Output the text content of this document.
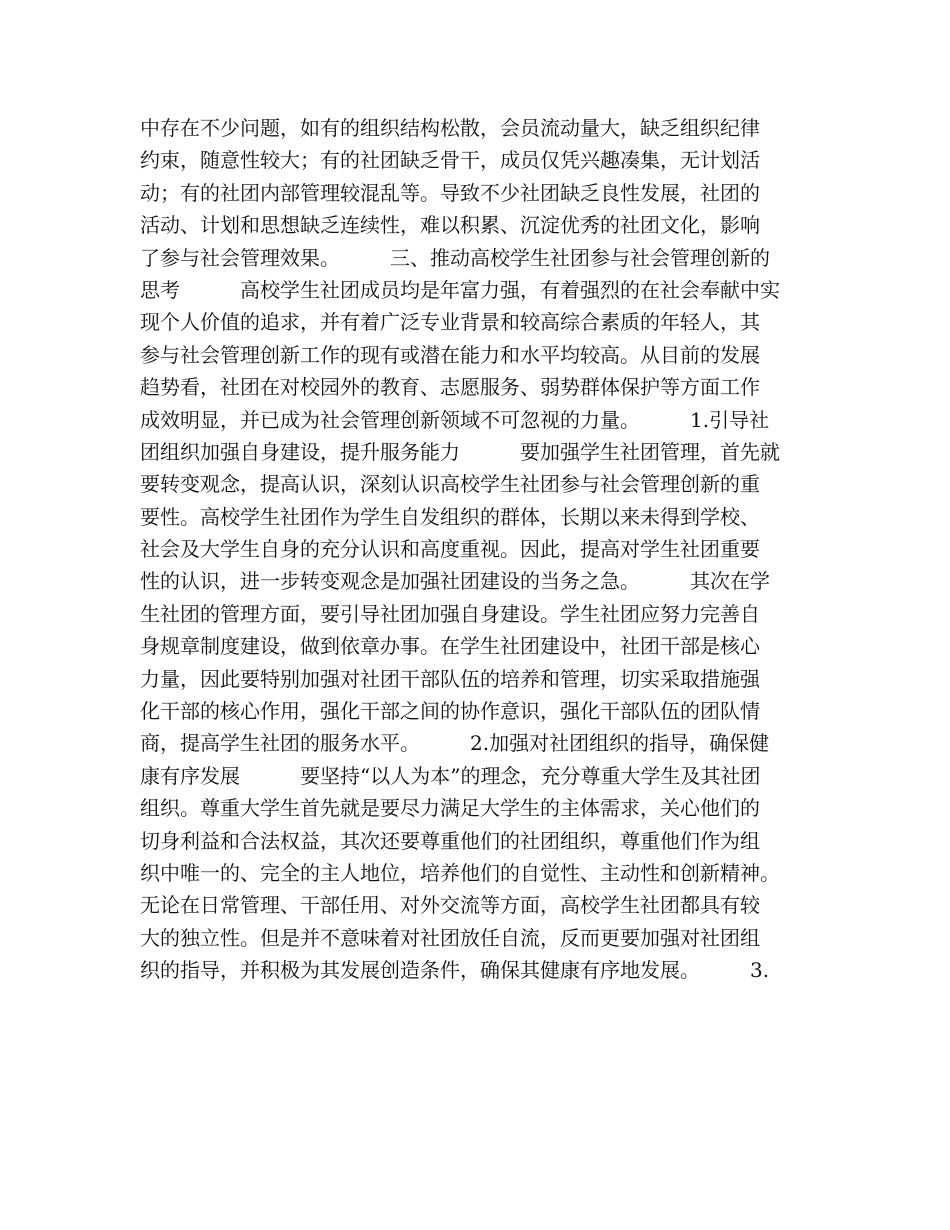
中存在不少问题，如有的组织结构松散，会员流动量大，缺乏组织纪律
约束，随意性较大；有的社团缺乏骨干，成员仅凭兴趣凑集，无计划活
动；有的社团内部管理较混乱等。导致不少社团缺乏良性发展，社团的
活动、计划和思想缺乏连续性，难以积累、沉淀优秀的社团文化，影响
了参与社会管理效果。　　　三、推动高校学生社团参与社会管理创新的
思考　　　高校学生社团成员均是年富力强，有着强烈的在社会奉献中实
现个人价值的追求，并有着广泛专业背景和较高综合素质的年轻人，其
参与社会管理创新工作的现有或潜在能力和水平均较高。从目前的发展
趋势看，社团在对校园外的教育、志愿服务、弱势群体保护等方面工作
成效明显，并已成为社会管理创新领域不可忽视的力量。　　　1.引导社
团组织加强自身建设，提升服务能力　　　要加强学生社团管理，首先就
要转变观念，提高认识，深刻认识高校学生社团参与社会管理创新的重
要性。高校学生社团作为学生自发组织的群体，长期以来未得到学校、
社会及大学生自身的充分认识和高度重视。因此，提高对学生社团重要
性的认识，进一步转变观念是加强社团建设的当务之急。　　　其次在学
生社团的管理方面，要引导社团加强自身建设。学生社团应努力完善自
身规章制度建设，做到依章办事。在学生社团建设中，社团干部是核心
力量，因此要特别加强对社团干部队伍的培养和管理，切实采取措施强
化干部的核心作用，强化干部之间的协作意识，强化干部队伍的团队情
商，提高学生社团的服务水平。　　　2.加强对社团组织的指导，确保健
康有序发展　　　要坚持“以人为本”的理念，充分尊重大学生及其社团
组织。尊重大学生首先就是要尽力满足大学生的主体需求，关心他们的
切身利益和合法权益，其次还要尊重他们的社团组织，尊重他们作为组
织中唯一的、完全的主人地位，培养他们的自觉性、主动性和创新精神。
无论在日常管理、干部任用、对外交流等方面，高校学生社团都具有较
大的独立性。但是并不意味着对社团放任自流，反而更要加强对社团组
织的指导，并积极为其发展创造条件，确保其健康有序地发展。　　　3.
